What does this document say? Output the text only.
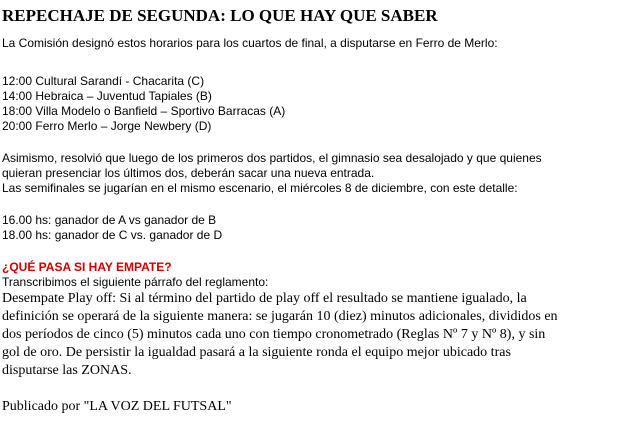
REPECHAJE DE SEGUNDA: LO QUE HAY QUE SABER

La Comisión designó estos horarios para los cuartos de final, a disputarse en Ferro de Merlo:

12:00 Cultural Sarandí - Chacarita (C)
14:00 Hebraica – Juventud Tapiales (B)
18:00 Villa Modelo o Banfield – Sportivo Barracas (A)
20:00 Ferro Merlo – Jorge Newbery (D)
Asimismo, resolvió que luego de los primeros dos partidos, el gimnasio sea desalojado y que quienes
quieran presenciar los últimos dos, deberán sacar una nueva entrada.
Las semifinales se jugarían en el mismo escenario, el miércoles 8 de diciembre, con este detalle:
16.00 hs: ganador de A vs ganador de B
18.00 hs: ganador de C vs. ganador de D

¿QUÉ PASA SI HAY EMPATE?

Transcribimos el siguiente párrafo del reglamento:

Desempate Play off: Si al término del partido de play off el resultado se mantiene igualado, la
definición se operará de la siguiente manera: se jugarán 10 (diez) minutos adicionales, divididos en
dos períodos de cinco (5) minutos cada uno con tiempo cronometrado (Reglas Nº 7 y Nº 8), y sin
gol de oro. De persistir la igualdad pasará a la siguiente ronda el equipo mejor ubicado tras
disputarse las ZONAS.

Publicado por "LA VOZ DEL FUTSAL"
